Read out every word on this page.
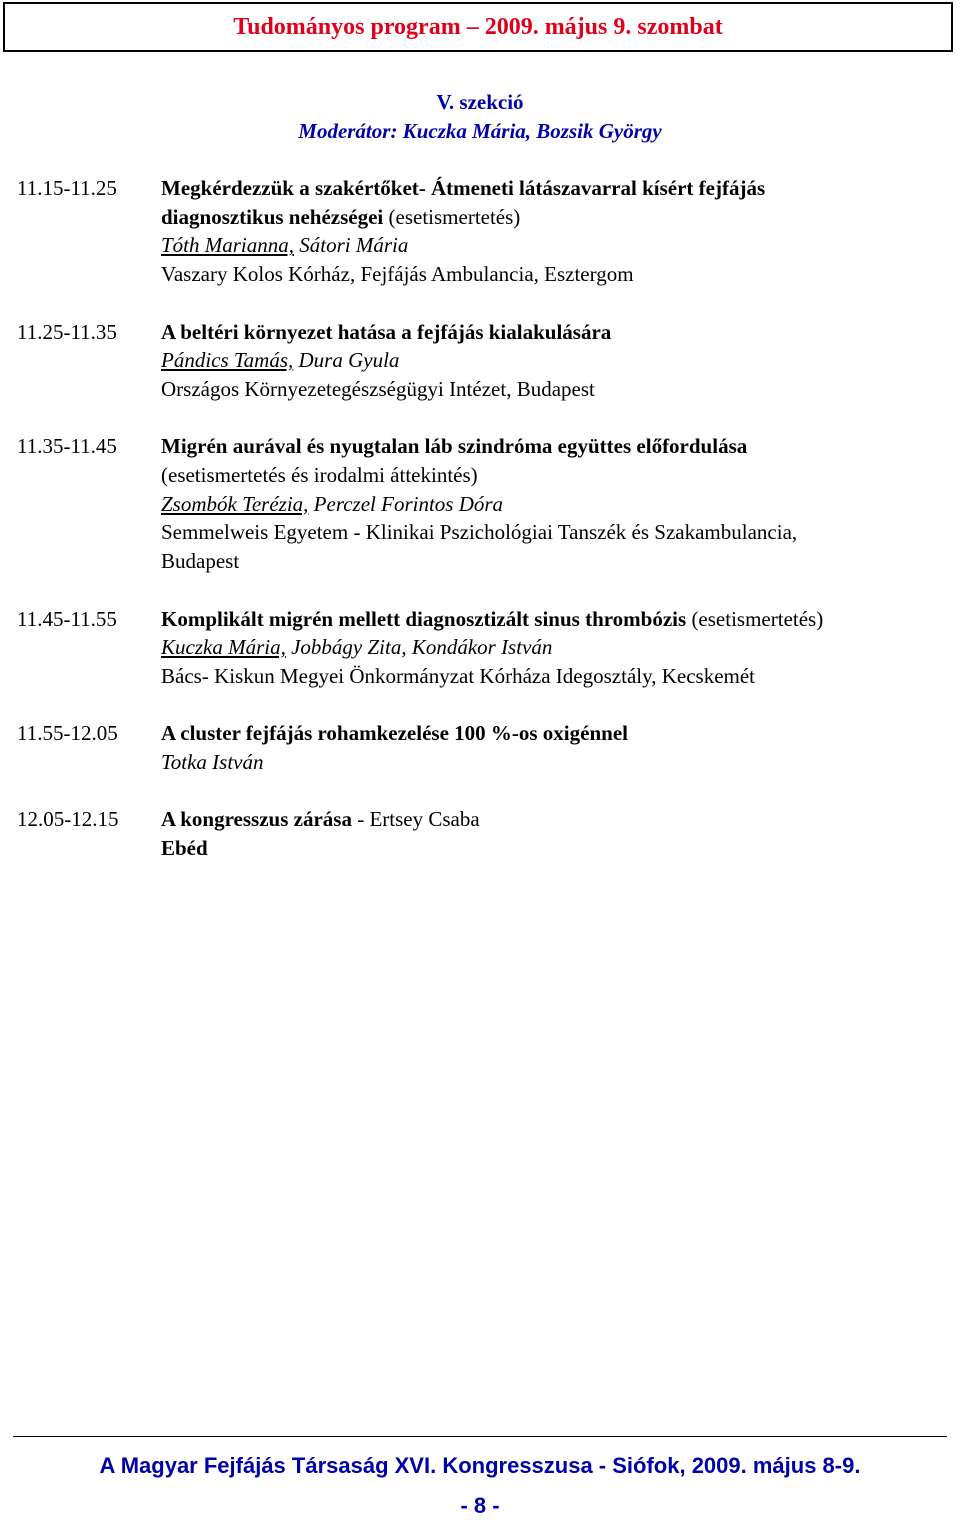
Tudományos program – 2009. május 9. szombat
V. szekció
Moderátor: Kuczka Mária, Bozsik György
11.15-11.25	Megkérdezzük a szakértőket- Átmeneti látászavarral kísért fejfájás
diagnosztikus nehézségei (esetismertetés)
Tóth Marianna, Sátori Mária
Vaszary Kolos Kórház, Fejfájás Ambulancia, Esztergom
11.25-11.35	A beltéri környezet hatása a fejfájás kialakulására
Pándics Tamás, Dura Gyula
Országos Környezetegészségügyi Intézet, Budapest
11.35-11.45	Migrén aurával és nyugtalan láb szindróma együttes előfordulása
(esetismertetés és irodalmi áttekintés)
Zsombók Terézia, Perczel Forintos Dóra
Semmelweis Egyetem - Klinikai Pszichológiai Tanszék és Szakambulancia,
Budapest
11.45-11.55	Komplikált migrén mellett diagnosztizált sinus thrombózis (esetismertetés)
Kuczka Mária, Jobbágy Zita, Kondákor István
Bács- Kiskun Megyei Önkormányzat Kórháza Idegosztály, Kecskemét
11.55-12.05	A cluster fejfájás rohamkezelése 100 %-os oxigénnel
Totka István
12.05-12.15	A kongresszus zárása - Ertsey Csaba
Ebéd
A Magyar Fejfájás Társaság XVI. Kongresszusa - Siófok, 2009. május 8-9.
- 8 -
